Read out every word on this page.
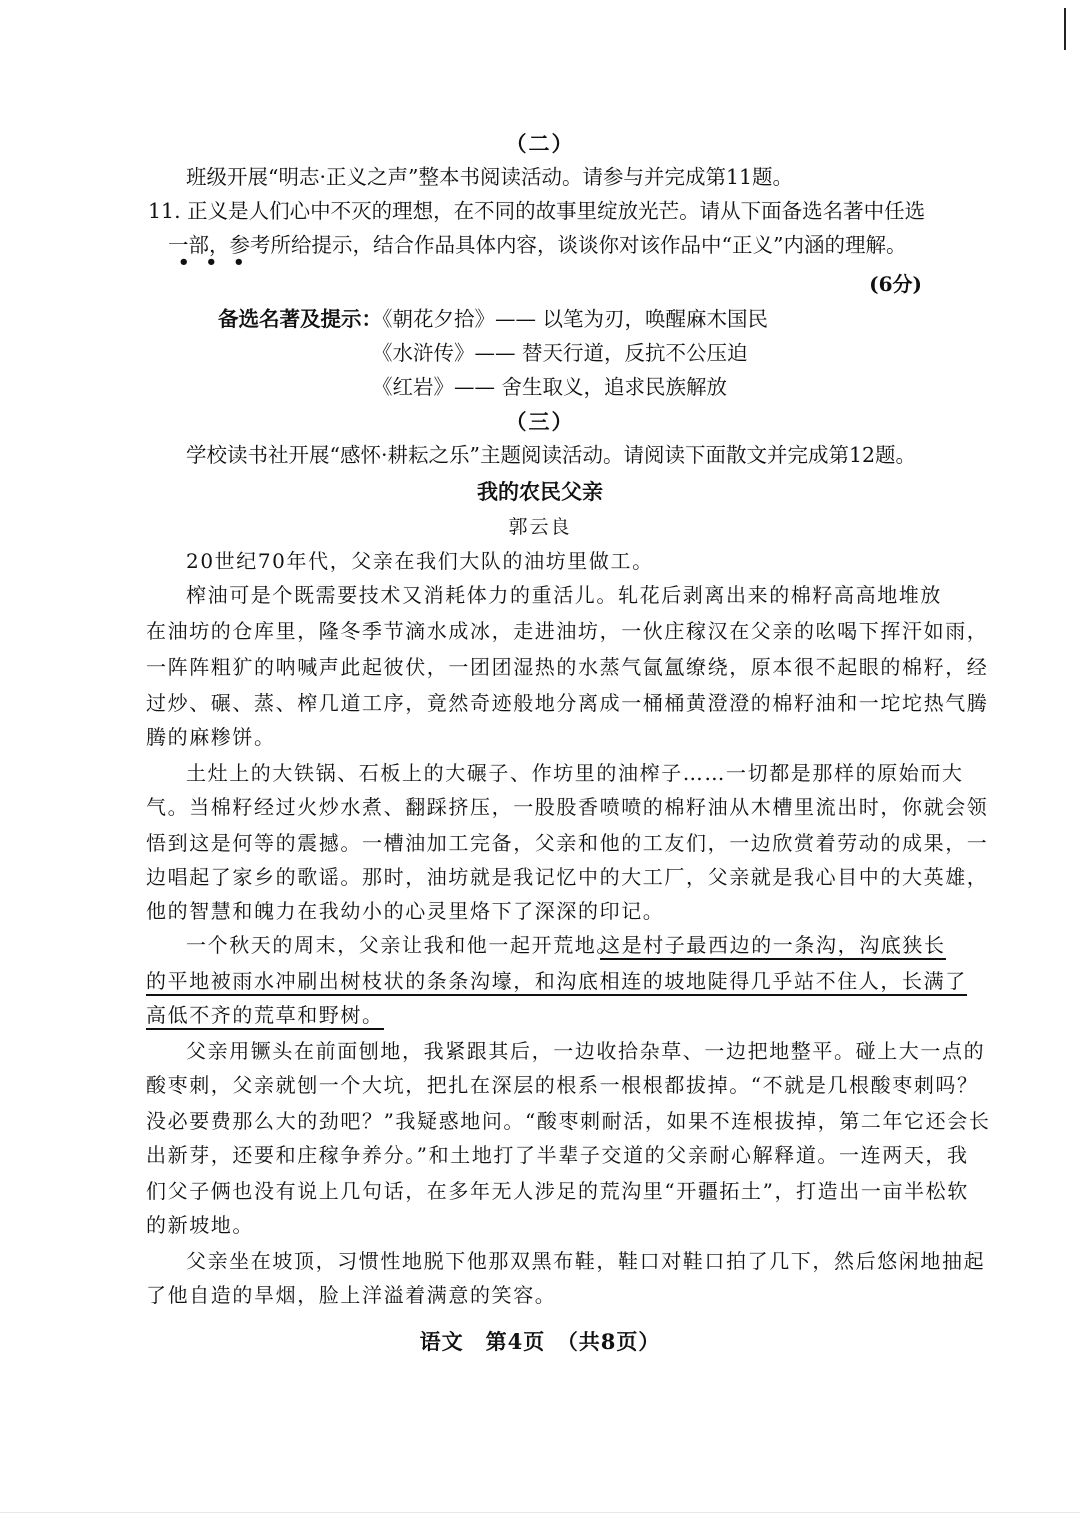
（二）
班级开展“明志·正义之声”整本书阅读活动。请参与并完成第11题。
11. 正义是人们心中不灭的理想，在不同的故事里绽放光芒。请从下面备选名著中任选
一部，参考所给提示，结合作品具体内容，谈谈你对该作品中“正义”内涵的理解。
•••
(6分)
备选名著及提示：
《朝花夕拾》—— 以笔为刃，唤醒麻木国民
《水浒传》—— 替天行道，反抗不公压迫
《红岩》—— 舍生取义，追求民族解放
（三）
学校读书社开展“感怀·耕耘之乐”主题阅读活动。请阅读下面散文并完成第12题。
我的农民父亲
郭云良
20世纪70年代，父亲在我们大队的油坊里做工。
榨油可是个既需要技术又消耗体力的重活儿。轧花后剥离出来的棉籽高高地堆放
在油坊的仓库里，隆冬季节滴水成冰，走进油坊，一伙庄稼汉在父亲的吆喝下挥汗如雨，
一阵阵粗犷的呐喊声此起彼伏，一团团湿热的水蒸气氤氲缭绕，原本很不起眼的棉籽，经
过炒、碾、蒸、榨几道工序，竟然奇迹般地分离成一桶桶黄澄澄的棉籽油和一坨坨热气腾
腾的麻糁饼。
土灶上的大铁锅、石板上的大碾子、作坊里的油榨子……一切都是那样的原始而大
气。当棉籽经过火炒水煮、翻踩挤压，一股股香喷喷的棉籽油从木槽里流出时，你就会领
悟到这是何等的震撼。一槽油加工完备，父亲和他的工友们，一边欣赏着劳动的成果，一
边唱起了家乡的歌谣。那时，油坊就是我记忆中的大工厂，父亲就是我心目中的大英雄，
他的智慧和魄力在我幼小的心灵里烙下了深深的印记。
一个秋天的周末，父亲让我和他一起开荒地。
这是村子最西边的一条沟，沟底狭长
的平地被雨水冲刷出树枝状的条条沟壕，和沟底相连的坡地陡得几乎站不住人，长满了
高低不齐的荒草和野树。
父亲用镢头在前面刨地，我紧跟其后，一边收拾杂草、一边把地整平。碰上大一点的
酸枣刺，父亲就刨一个大坑，把扎在深层的根系一根根都拔掉。“不就是几根酸枣刺吗？
没必要费那么大的劲吧？”我疑惑地问。“酸枣刺耐活，如果不连根拔掉，第二年它还会长
出新芽，还要和庄稼争养分。”和土地打了半辈子交道的父亲耐心解释道。一连两天，我
们父子俩也没有说上几句话，在多年无人涉足的荒沟里“开疆拓土”，打造出一亩半松软
的新坡地。
父亲坐在坡顶，习惯性地脱下他那双黑布鞋，鞋口对鞋口拍了几下，然后悠闲地抽起
了他自造的旱烟，脸上洋溢着满意的笑容。
语文　第4页　（共8页）
